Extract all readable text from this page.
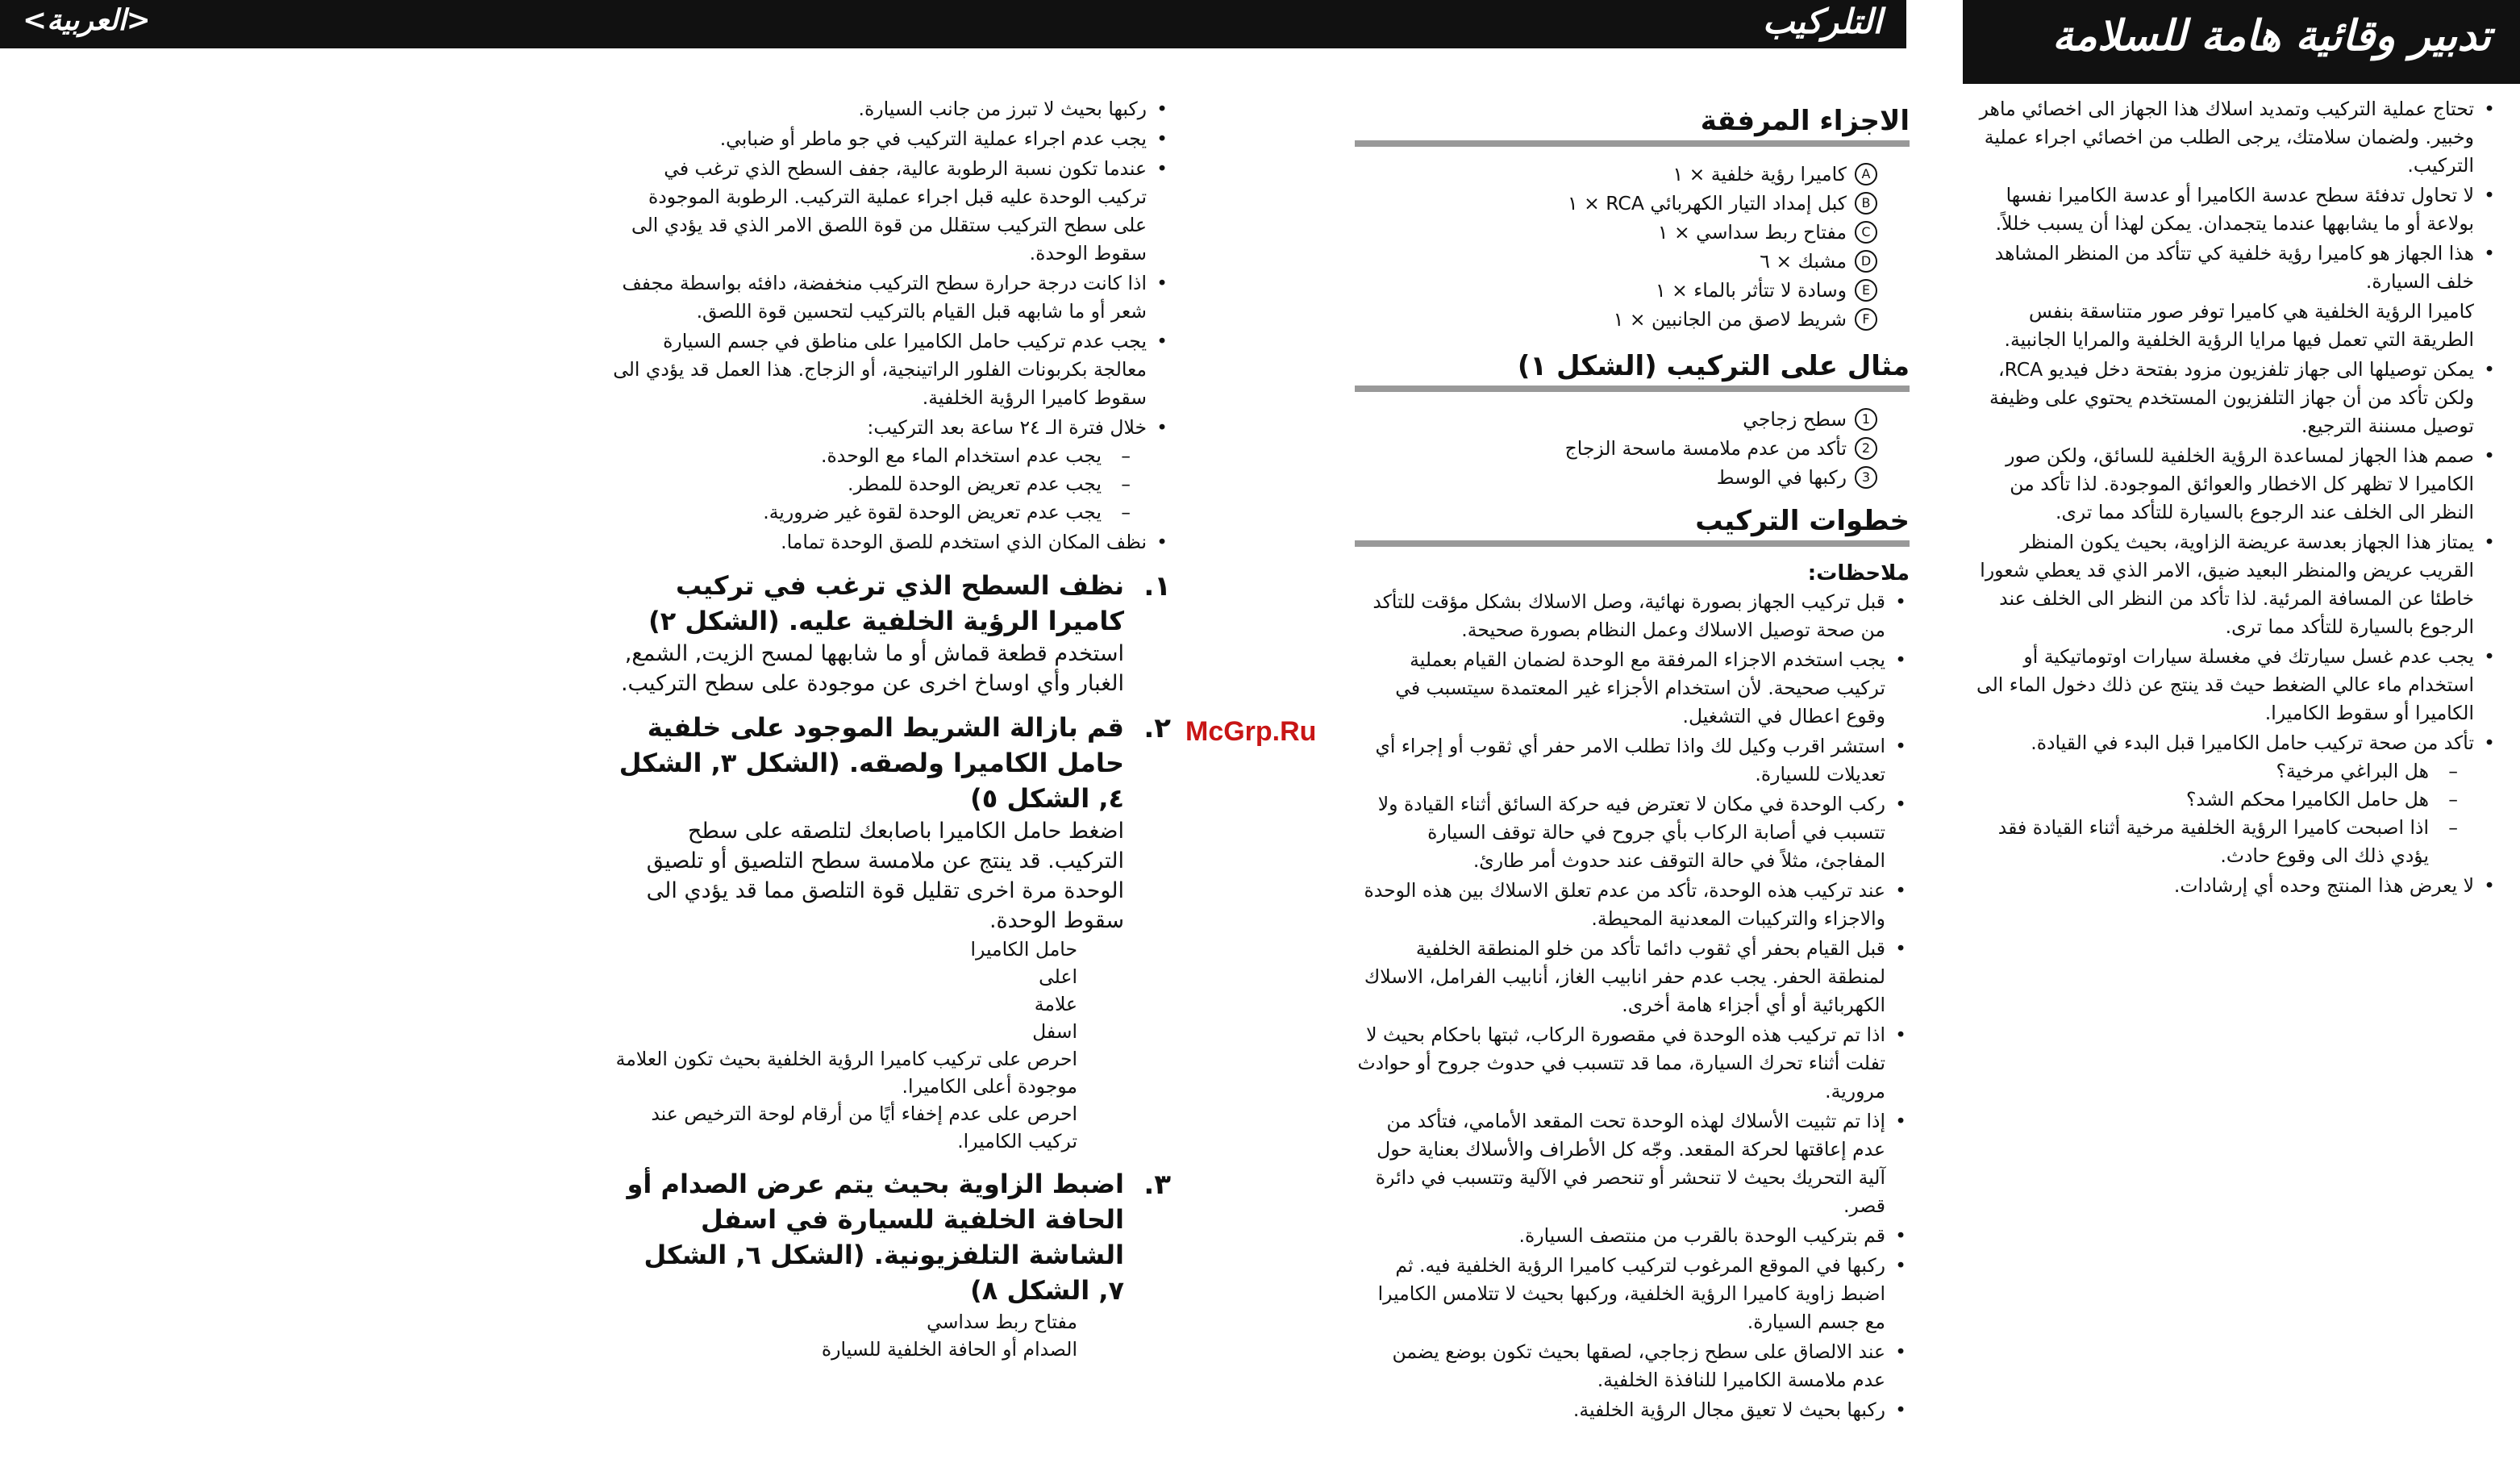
<العربية>	التلركيب	تدبير وقائية هامة للسلامة
• تحتاج عملية التركيب وتمديد اسلاك هذا الجهاز الى اخصائي ماهر وخبير. ولضمان سلامتك، يرجى الطلب من اخصائي اجراء عملية التركيب.
• لا تحاول تدفئة سطح عدسة الكاميرا أو عدسة الكاميرا نفسها بولاعة أو ما يشابهها عندما يتجمدان. يمكن لهذا أن يسبب خللاً.
• هذا الجهاز هو كاميرا رؤية خلفية كي تتأكد من المنظر المشاهد خلف السيارة.

كاميرا الرؤية الخلفية هي كاميرا توفر صور متناسقة بنفس الطريقة التي تعمل فيها مرايا الرؤية الخلفية والمرايا الجانبية.

• يمكن توصيلها الى جهاز تلفزيون مزود بفتحة دخل فيديو RCA، ولكن تأكد من أن جهاز التلفزيون المستخدم يحتوي على وظيفة توصيل مسننة الترجيع.
• صمم هذا الجهاز لمساعدة الرؤية الخلفية للسائق، ولكن صور الكاميرا لا تظهر كل الاخطار والعوائق الموجودة. لذا تأكد من النظر الى الخلف عند الرجوع بالسيارة للتأكد مما ترى.
• يمتاز هذا الجهاز بعدسة عريضة الزاوية، بحيث يكون المنظر القريب عريض والمنظر البعيد ضيق، الامر الذي قد يعطي شعورا خاطئا عن المسافة المرئية. لذا تأكد من النظر الى الخلف عند الرجوع بالسيارة للتأكد مما ترى.
• يجب عدم غسل سيارتك في مغسلة سيارات اوتوماتيكية أو استخدام ماء عالي الضغط حيث قد ينتج عن ذلك دخول الماء الى الكاميرا أو سقوط الكاميرا.
• تأكد من صحة تركيب حامل الكاميرا قبل البدء في القيادة.
– هل البراغي مرخية؟
– هل حامل الكاميرا محكم الشد؟
– اذا اصبحت كاميرا الرؤية الخلفية مرخية أثناء القيادة فقد يؤدي ذلك الى وقوع حادث.
• لا يعرض هذا المنتج وحده أي إرشادات.
الاجزاء المرفقة
A
كاميرا رؤية خلفية × ١
B
كبل إمداد التيار الكهربائي RCA × ١
C
مفتاح ربط سداسي × ١
D
مشبك × ٦
E
وسادة لا تتأثر بالماء × ١
F
شريط لاصق من الجانبين × ١
مثال على التركيب (الشكل ١)
1
سطح زجاجي
2
تأكد من عدم ملامسة ماسحة الزجاج
3
ركبها في الوسط
خطوات التركيب
ملاحظات:
• قبل تركيب الجهاز بصورة نهائية، وصل الاسلاك بشكل مؤقت للتأكد من صحة توصيل الاسلاك وعمل النظام بصورة صحيحة.
• يجب استخدم الاجزاء المرفقة مع الوحدة لضمان القيام بعملية تركيب صحيحة. لأن استخدام الأجزاء غير المعتمدة سيتسبب في وقوع اعطال في التشغيل.
• استشر اقرب وكيل لك واذا تطلب الامر حفر أي ثقوب أو إجراء أي تعديلات للسيارة.
• ركب الوحدة في مكان لا تعترض فيه حركة السائق أثناء القيادة ولا تتسبب في أصابة الركاب بأي جروح في حالة توقف السيارة المفاجئ، مثلاً في حالة التوقف عند حدوث أمر طارئ.
• عند تركيب هذه الوحدة، تأكد من عدم تعلق الاسلاك بين هذه الوحدة والاجزاء والتركيبات المعدنية المحيطة.
• قبل القيام بحفر أي ثقوب دائما تأكد من خلو المنطقة الخلفية لمنطقة الحفر. يجب عدم حفر انابيب الغاز، أنابيب الفرامل، الاسلاك الكهربائية أو أي أجزاء هامة أخرى.
• اذا تم تركيب هذه الوحدة في مقصورة الركاب، ثبتها باحكام بحيث لا تفلت أثناء تحرك السيارة، مما قد تتسبب في حدوث جروح أو حوادث مرورية.
• إذا تم تثبيت الأسلاك لهذه الوحدة تحت المقعد الأمامي، فتأكد من عدم إعاقتها لحركة المقعد. وجّه كل الأطراف والأسلاك بعناية حول آلية التحريك بحيث لا تنحشر أو تنحصر في الآلية وتتسبب في دائرة قصر.
• قم بتركيب الوحدة بالقرب من منتصف السيارة.
• ركبها في الموقع المرغوب لتركيب كاميرا الرؤية الخلفية فيه. ثم اضبط زاوية كاميرا الرؤية الخلفية، وركبها بحيث لا تتلامس الكاميرا مع جسم السيارة.
• عند الالصاق على سطح زجاجي، لصقها بحيث تكون بوضع يضمن عدم ملامسة الكاميرا للنافذة الخلفية.
• ركبها بحيث لا تعيق مجال الرؤية الخلفية.
• ركبها بحيث لا تبرز من جانب السيارة.
• يجب عدم اجراء عملية التركيب في جو ماطر أو ضبابي.
• عندما تكون نسبة الرطوبة عالية، جفف السطح الذي ترغب في تركيب الوحدة عليه قبل اجراء عملية التركيب. الرطوبة الموجودة على سطح التركيب ستقلل من قوة اللصق الامر الذي قد يؤدي الى سقوط الوحدة.
• اذا كانت درجة حرارة سطح التركيب منخفضة، دافئه بواسطة مجفف شعر أو ما شابهه قبل القيام بالتركيب لتحسين قوة اللصق.
• يجب عدم تركيب حامل الكاميرا على مناطق في جسم السيارة معالجة بكربونات الفلور الراتينجية، أو الزجاج. هذا العمل قد يؤدي الى سقوط كاميرا الرؤية الخلفية.
• خلال فترة الـ ٢٤ ساعة بعد التركيب:
– يجب عدم استخدام الماء مع الوحدة.
– يجب عدم تعريض الوحدة للمطر.
– يجب عدم تعريض الوحدة لقوة غير ضرورية.
• نظف المكان الذي استخدم للصق الوحدة تماما.
١.
نظف السطح الذي ترغب في تركيب كاميرا الرؤية الخلفية عليه. (الشكل ٢)
استخدم قطعة قماش أو ما شابهها لمسح الزيت, الشمع, الغبار وأي اوساخ اخرى عن موجودة على سطح التركيب.
٢.
قم بازالة الشريط الموجود على خلفية حامل الكاميرا ولصقه. (الشكل ٣, الشكل ٤, الشكل ٥)
اضغط حامل الكاميرا باصابعك لتلصقه على سطح التركيب. قد ينتج عن ملامسة سطح التلصيق أو تلصيق الوحدة مرة اخرى تقليل قوة التلصق مما قد يؤدي الى سقوط الوحدة.
حامل الكاميرا
اعلى
علامة
اسفل
احرص على تركيب كاميرا الرؤية الخلفية بحيث تكون العلامة موجودة أعلى الكاميرا.
احرص على عدم إخفاء أيًا من أرقام لوحة الترخيص عند تركيب الكاميرا.
٣.
اضبط الزاوية بحيث يتم عرض الصدام أو الحافة الخلفية للسيارة في اسفل الشاشة التلفزيونية. (الشكل ٦, الشكل ٧, الشكل ٨)
مفتاح ربط سداسي
الصدام أو الحافة الخلفية للسيارة
McGrp.Ru
